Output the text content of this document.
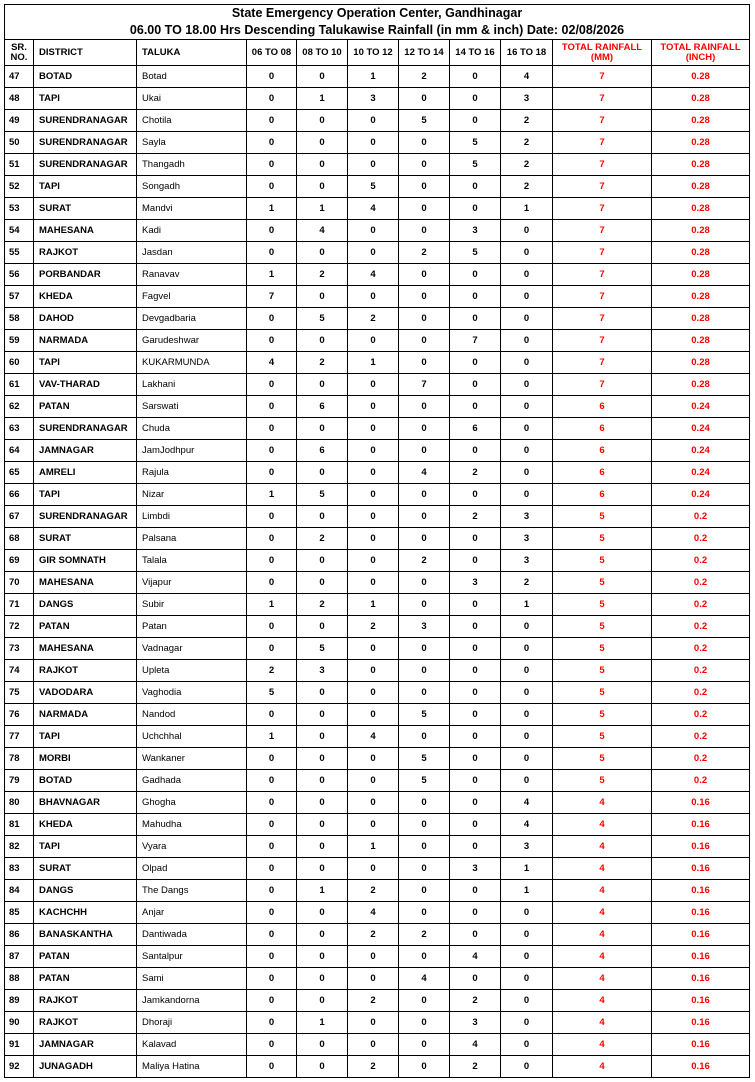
State Emergency Operation Center, Gandhinagar										
06.00 TO 18.00 Hrs Descending Talukawise Rainfall (in mm & inch) Date: 02/08/2026										
SR. NO.	DISTRICT	TALUKA	06 TO 08	08 TO 10	10 TO 12	12 TO 14	14 TO 16	16 TO 18	TOTAL RAINFALL (MM)	TOTAL RAINFALL (INCH)
47	BOTAD	Botad	0	0	1	2	0	4	7	0.28
48	TAPI	Ukai	0	1	3	0	0	3	7	0.28
49	SURENDRANAGAR	Chotila	0	0	0	5	0	2	7	0.28
50	SURENDRANAGAR	Sayla	0	0	0	0	5	2	7	0.28
51	SURENDRANAGAR	Thangadh	0	0	0	0	5	2	7	0.28
52	TAPI	Songadh	0	0	5	0	0	2	7	0.28
53	SURAT	Mandvi	1	1	4	0	0	1	7	0.28
54	MAHESANA	Kadi	0	4	0	0	3	0	7	0.28
55	RAJKOT	Jasdan	0	0	0	2	5	0	7	0.28
56	PORBANDAR	Ranavav	1	2	4	0	0	0	7	0.28
57	KHEDA	Fagvel	7	0	0	0	0	0	7	0.28
58	DAHOD	Devgadbaria	0	5	2	0	0	0	7	0.28
59	NARMADA	Garudeshwar	0	0	0	0	7	0	7	0.28
60	TAPI	KUKARMUNDA	4	2	1	0	0	0	7	0.28
61	VAV-THARAD	Lakhani	0	0	0	7	0	0	7	0.28
62	PATAN	Sarswati	0	6	0	0	0	0	6	0.24
63	SURENDRANAGAR	Chuda	0	0	0	0	6	0	6	0.24
64	JAMNAGAR	JamJodhpur	0	6	0	0	0	0	6	0.24
65	AMRELI	Rajula	0	0	0	4	2	0	6	0.24
66	TAPI	Nizar	1	5	0	0	0	0	6	0.24
67	SURENDRANAGAR	Limbdi	0	0	0	0	2	3	5	0.2
68	SURAT	Palsana	0	2	0	0	0	3	5	0.2
69	GIR SOMNATH	Talala	0	0	0	2	0	3	5	0.2
70	MAHESANA	Vijapur	0	0	0	0	3	2	5	0.2
71	DANGS	Subir	1	2	1	0	0	1	5	0.2
72	PATAN	Patan	0	0	2	3	0	0	5	0.2
73	MAHESANA	Vadnagar	0	5	0	0	0	0	5	0.2
74	RAJKOT	Upleta	2	3	0	0	0	0	5	0.2
75	VADODARA	Vaghodia	5	0	0	0	0	0	5	0.2
76	NARMADA	Nandod	0	0	0	5	0	0	5	0.2
77	TAPI	Uchchhal	1	0	4	0	0	0	5	0.2
78	MORBI	Wankaner	0	0	0	5	0	0	5	0.2
79	BOTAD	Gadhada	0	0	0	5	0	0	5	0.2
80	BHAVNAGAR	Ghogha	0	0	0	0	0	4	4	0.16
81	KHEDA	Mahudha	0	0	0	0	0	4	4	0.16
82	TAPI	Vyara	0	0	1	0	0	3	4	0.16
83	SURAT	Olpad	0	0	0	0	3	1	4	0.16
84	DANGS	The Dangs	0	1	2	0	0	1	4	0.16
85	KACHCHH	Anjar	0	0	4	0	0	0	4	0.16
86	BANASKANTHA	Dantiwada	0	0	2	2	0	0	4	0.16
87	PATAN	Santalpur	0	0	0	0	4	0	4	0.16
88	PATAN	Sami	0	0	0	4	0	0	4	0.16
89	RAJKOT	Jamkandorna	0	0	2	0	2	0	4	0.16
90	RAJKOT	Dhoraji	0	1	0	0	3	0	4	0.16
91	JAMNAGAR	Kalavad	0	0	0	0	4	0	4	0.16
92	JUNAGADH	Maliya Hatina	0	0	2	0	2	0	4	0.16
